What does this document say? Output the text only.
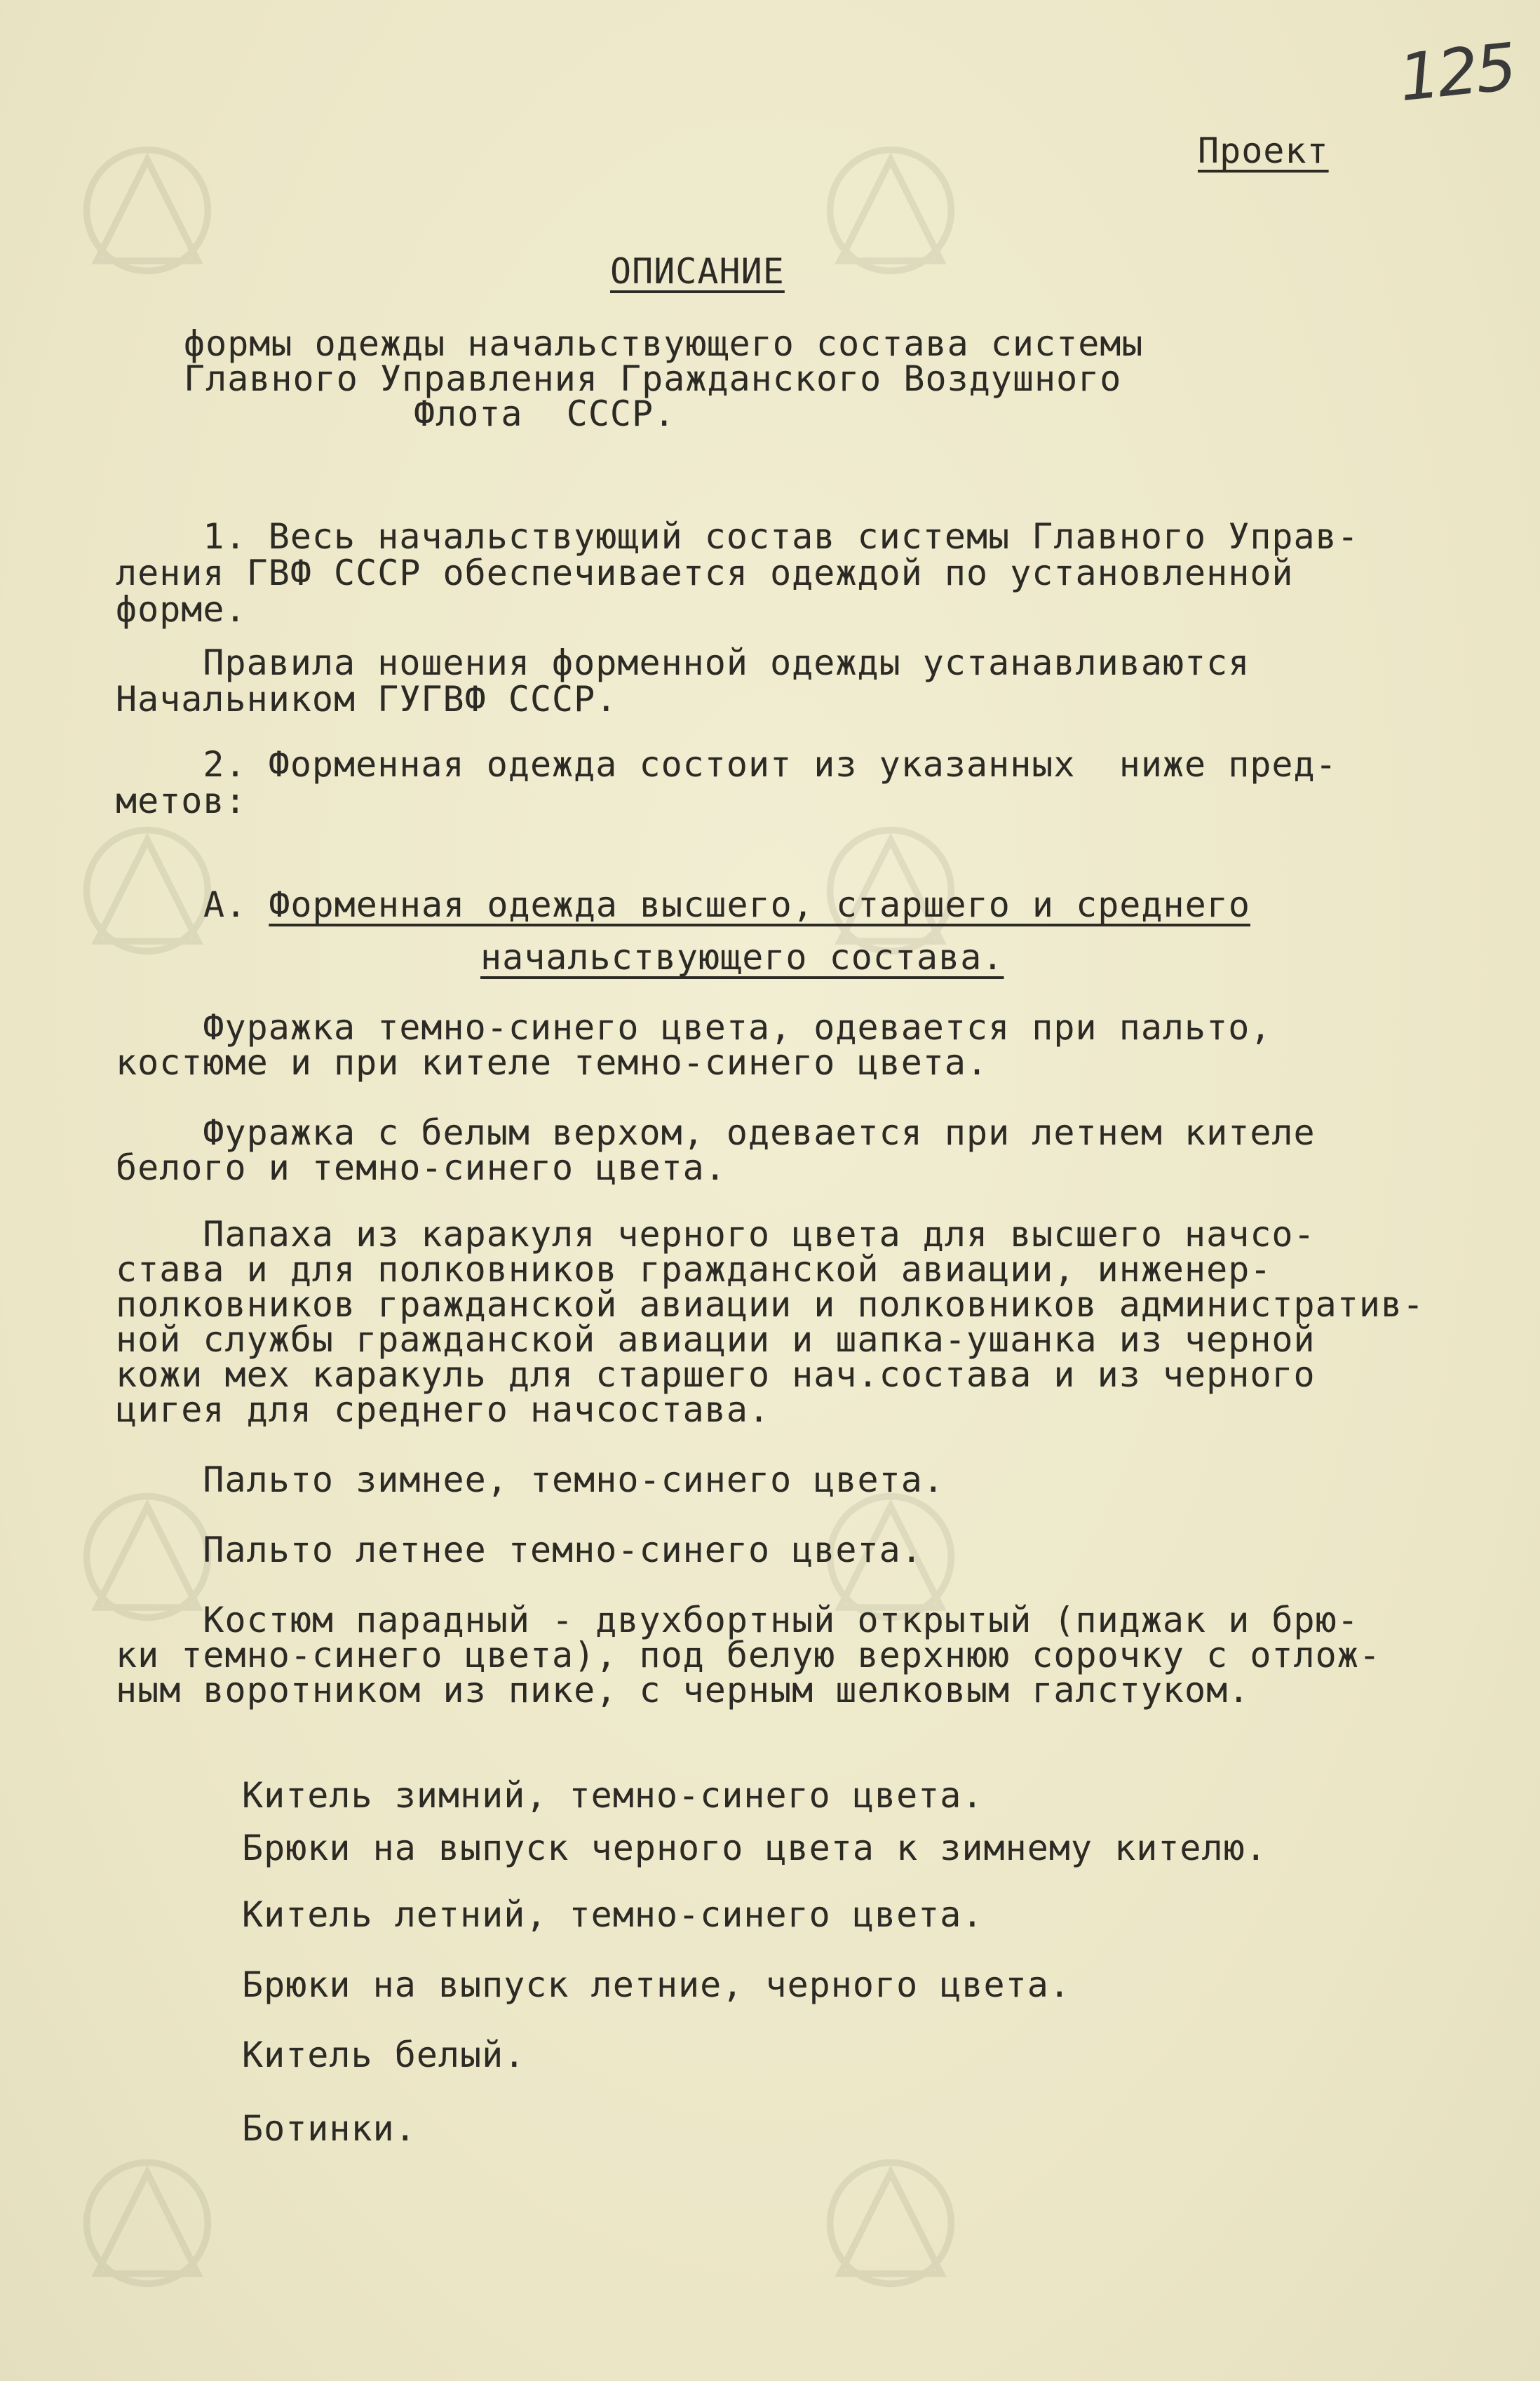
125
Проект
ОПИСАНИЕ
формы одежды начальствующего состава системы
Главного Управления Гражданского Воздушного
Флота  СССР.
1. Весь начальствующий состав системы Главного Управ-
ления ГВФ СССР обеспечивается одеждой по установленной
форме.
Правила ношения форменной одежды устанавливаются
Начальником ГУГВФ СССР.
2. Форменная одежда состоит из указанных  ниже пред-
метов:
А. Форменная одежда высшего, старшего и среднего
начальствующего состава.
Фуражка темно-синего цвета, одевается при пальто,
костюме и при кителе темно-синего цвета.
Фуражка с белым верхом, одевается при летнем кителе
белого и темно-синего цвета.
Папаха из каракуля черного цвета для высшего начсо-
става и для полковников гражданской авиации, инженер-
полковников гражданской авиации и полковников административ-
ной службы гражданской авиации и шапка-ушанка из черной
кожи мех каракуль для старшего нач.состава и из черного
цигея для среднего начсостава.
Пальто зимнее, темно-синего цвета.
Пальто летнее темно-синего цвета.
Костюм парадный - двухбортный открытый (пиджак и брю-
ки темно-синего цвета), под белую верхнюю сорочку с отлож-
ным воротником из пике, с черным шелковым галстуком.
Китель зимний, темно-синего цвета.
Брюки на выпуск черного цвета к зимнему кителю.
Китель летний, темно-синего цвета.
Брюки на выпуск летние, черного цвета.
Китель белый.
Ботинки.
